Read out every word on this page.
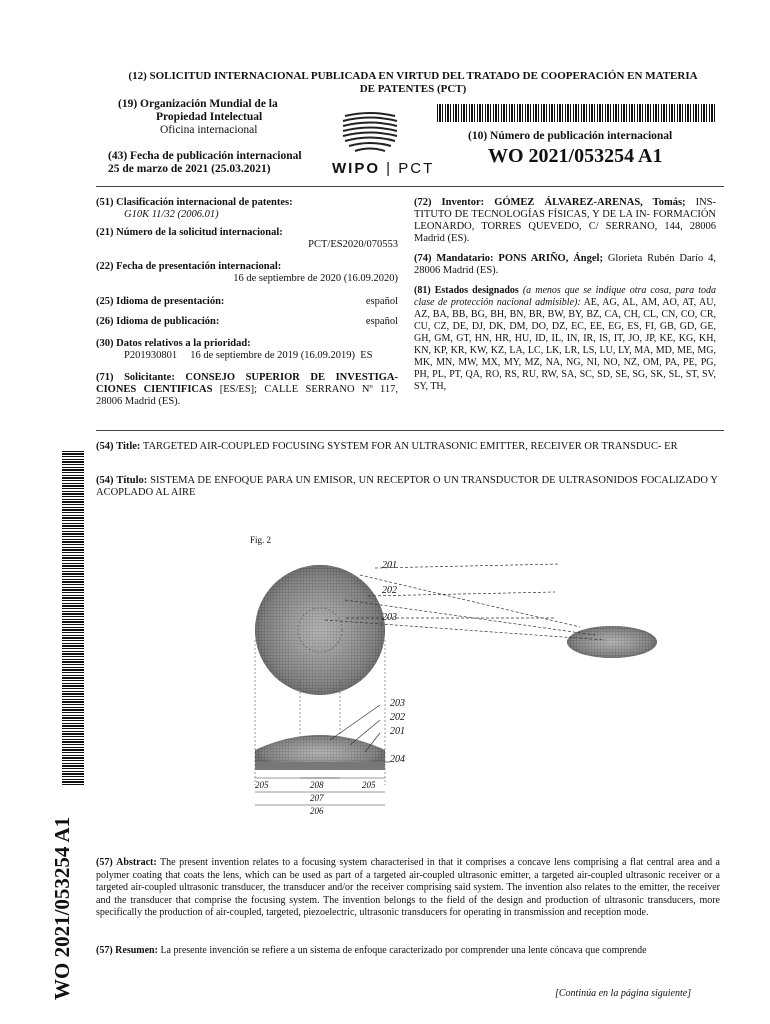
(12) SOLICITUD INTERNACIONAL PUBLICADA EN VIRTUD DEL TRATADO DE COOPERACIÓN EN MATERIA
DE PATENTES (PCT)
(19) Organización Mundial de la
Propiedad Intelectual
Oficina internacional
(43) Fecha de publicación internacional
25 de marzo de 2021 (25.03.2021)	WIPO | PCT
(10) Número de publicación internacional
WO 2021/053254 A1
(51) Clasificación internacional de patentes:
G10K 11/32 (2006.01)
(21) Número de la solicitud internacional:
PCT/ES2020/070553
(22) Fecha de presentación internacional:
16 de septiembre de 2020 (16.09.2020)
(25) Idioma de presentación:	español
(26) Idioma de publicación:	español
(30) Datos relativos a la prioridad:
P201930801     16 de septiembre de 2019 (16.09.2019)  ES
(71) Solicitante: CONSEJO SUPERIOR DE INVESTIGA- CIONES CIENTIFICAS [ES/ES]; CALLE SERRANO Nº 117, 28006 Madrid (ES).
(72) Inventor: GÓMEZ ÁLVAREZ-ARENAS, Tomás; INS- TITUTO DE TECNOLOGÍAS FÍSICAS, Y DE LA IN- FORMACIÓN LEONARDO, TORRES QUEVEDO, C/ SERRANO, 144, 28006 Madrid (ES).
(74) Mandatario: PONS ARIÑO, Ángel; Glorieta Rubén Darío 4, 28006 Madrid (ES).
(81) Estados designados (a menos que se indique otra cosa, para toda clase de protección nacional admisible): AE, AG, AL, AM, AO, AT, AU, AZ, BA, BB, BG, BH, BN, BR, BW, BY, BZ, CA, CH, CL, CN, CO, CR, CU, CZ, DE, DJ, DK, DM, DO, DZ, EC, EE, EG, ES, FI, GB, GD, GE, GH, GM, GT, HN, HR, HU, ID, IL, IN, IR, IS, IT, JO, JP, KE, KG, KH, KN, KP, KR, KW, KZ, LA, LC, LK, LR, LS, LU, LY, MA, MD, ME, MG, MK, MN, MW, MX, MY, MZ, NA, NG, NI, NO, NZ, OM, PA, PE, PG, PH, PL, PT, QA, RO, RS, RU, RW, SA, SC, SD, SE, SG, SK, SL, ST, SV, SY, TH,
(54) Title: TARGETED AIR-COUPLED FOCUSING SYSTEM FOR AN ULTRASONIC EMITTER, RECEIVER OR TRANSDUC- ER
(54) Título: SISTEMA DE ENFOQUE PARA UN EMISOR, UN RECEPTOR O UN TRANSDUCTOR DE ULTRASONIDOS FOCALIZADO Y ACOPLADO AL AIRE
Fig. 2
201
202
203
203
202
201
204
205	208	205
207
206
(57) Abstract: The present invention relates to a focusing system characterised in that it comprises a concave lens comprising a flat central area and a polymer coating that coats the lens, which can be used as part of a targeted air-coupled ultrasonic emitter, a targeted air-coupled ultrasonic receiver or a targeted air-coupled ultrasonic transducer, the transducer and/or the receiver comprising said system. The invention also relates to the emitter, the receiver and the transducer that comprise the focusing system. The invention belongs to the field of the design and production of ultrasonic transducers, more specifically the production of air-coupled, targeted, piezoelectric, ultrasonic transducers for operating in transmission and reception mode.
(57) Resumen: La presente invención se refiere a un sistema de enfoque caracterizado por comprender una lente cóncava que comprende
[Continúa en la página siguiente]
WO 2021/053254 A1
